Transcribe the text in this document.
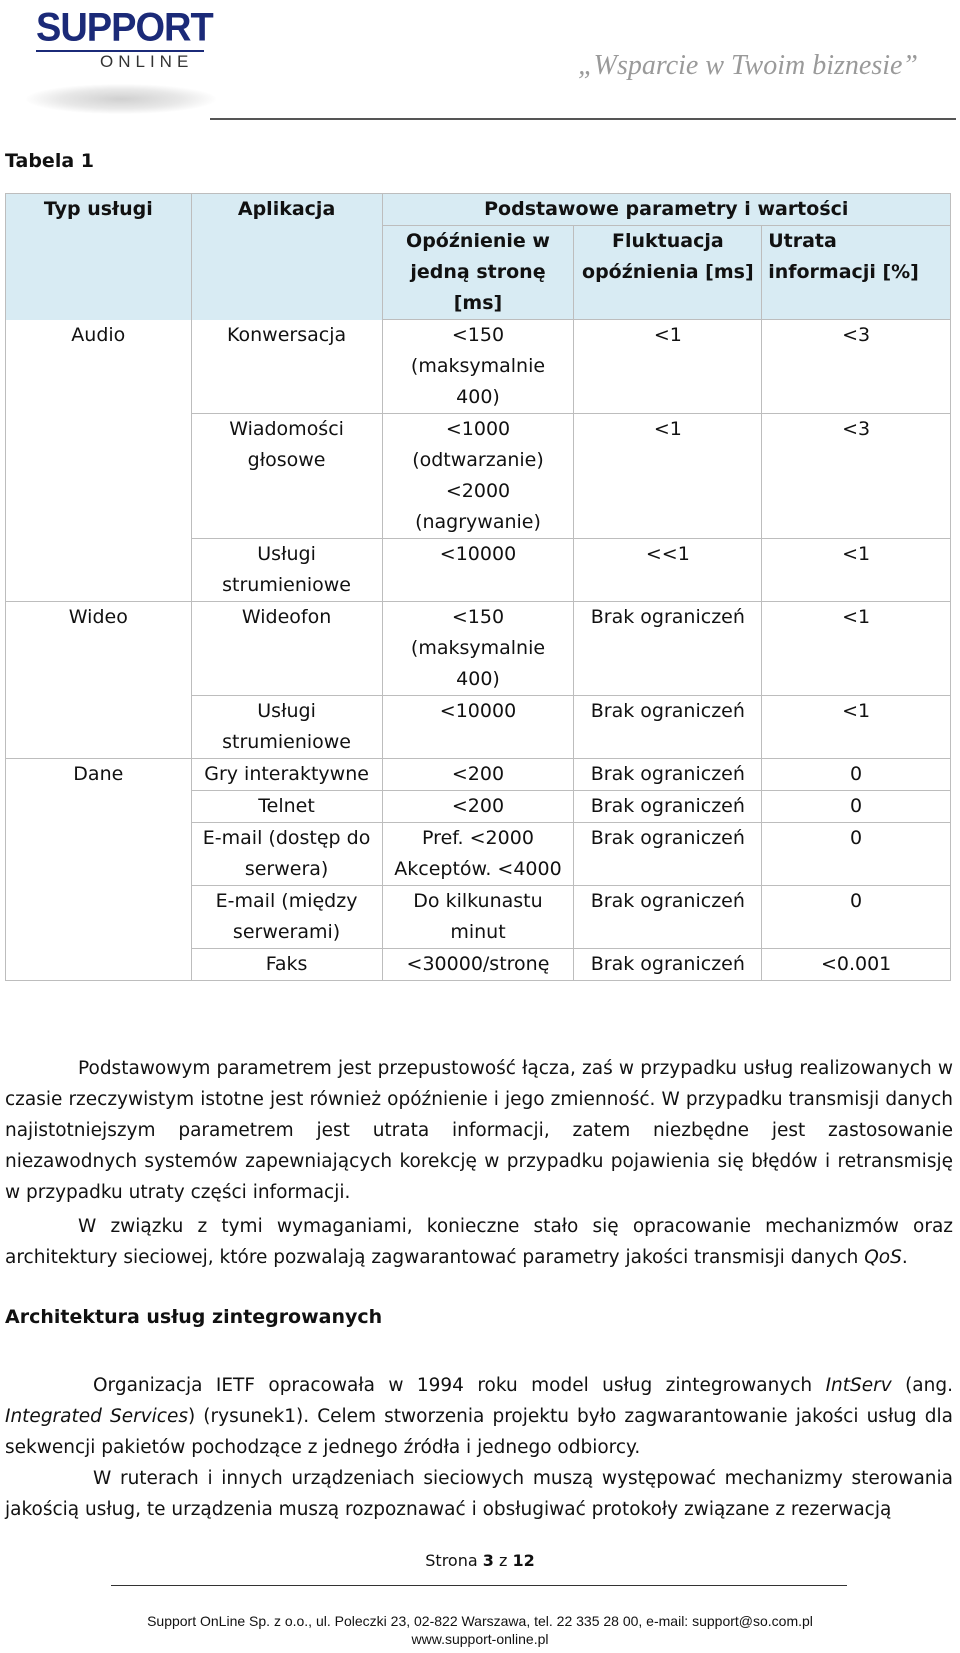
SUPPORT
ONLINE	„Wsparcie w Twoim biznesie”
Tabela 1
Typ usługi	Aplikacja	Podstawowe parametry i wartości		
		Opóźnienie w jedną stronę [ms]	Fluktuacja opóźnienia [ms]	Utrata informacji [%]
Audio	Konwersacja	<150 (maksymalnie 400)	<1	<3
	Wiadomości głosowe	<1000 (odtwarzanie) <2000 (nagrywanie)	<1	<3
	Usługi strumieniowe	<10000	<<1	<1
Wideo	Wideofon	<150 (maksymalnie 400)	Brak ograniczeń	<1
	Usługi strumieniowe	<10000	Brak ograniczeń	<1
Dane	Gry interaktywne	<200	Brak ograniczeń	0
	Telnet	<200	Brak ograniczeń	0
	E-mail (dostęp do serwera)	Pref. <2000 Akceptów. <4000	Brak ograniczeń	0
	E-mail (między serwerami)	Do kilkunastu minut	Brak ograniczeń	0
	Faks	<30000/stronę	Brak ograniczeń	<0.001
Podstawowym parametrem jest przepustowość łącza, zaś w przypadku usług realizowanych w czasie rzeczywistym istotne jest również opóźnienie i jego zmienność. W przypadku transmisji danych najistotniejszym parametrem jest utrata informacji, zatem niezbędne jest zastosowanie niezawodnych systemów zapewniających korekcję w przypadku pojawienia się błędów i retransmisję w przypadku utraty części informacji.
W związku z tymi wymaganiami, konieczne stało się opracowanie mechanizmów oraz architektury sieciowej, które pozwalają zagwarantować parametry jakości transmisji danych QoS.
Architektura usług zintegrowanych
Organizacja IETF opracowała w 1994 roku model usług zintegrowanych IntServ (ang. Integrated Services) (rysunek1). Celem stworzenia projektu było zagwarantowanie jakości usług dla sekwencji pakietów pochodzące z jednego źródła i jednego odbiorcy.
W ruterach i innych urządzeniach sieciowych muszą występować mechanizmy sterowania jakością usług, te urządzenia muszą rozpoznawać i obsługiwać protokoły związane z rezerwacją
Strona 3 z 12
Support OnLine Sp. z o.o., ul. Poleczki 23, 02-822 Warszawa, tel. 22 335 28 00, e-mail: support@so.com.pl
www.support-online.pl
